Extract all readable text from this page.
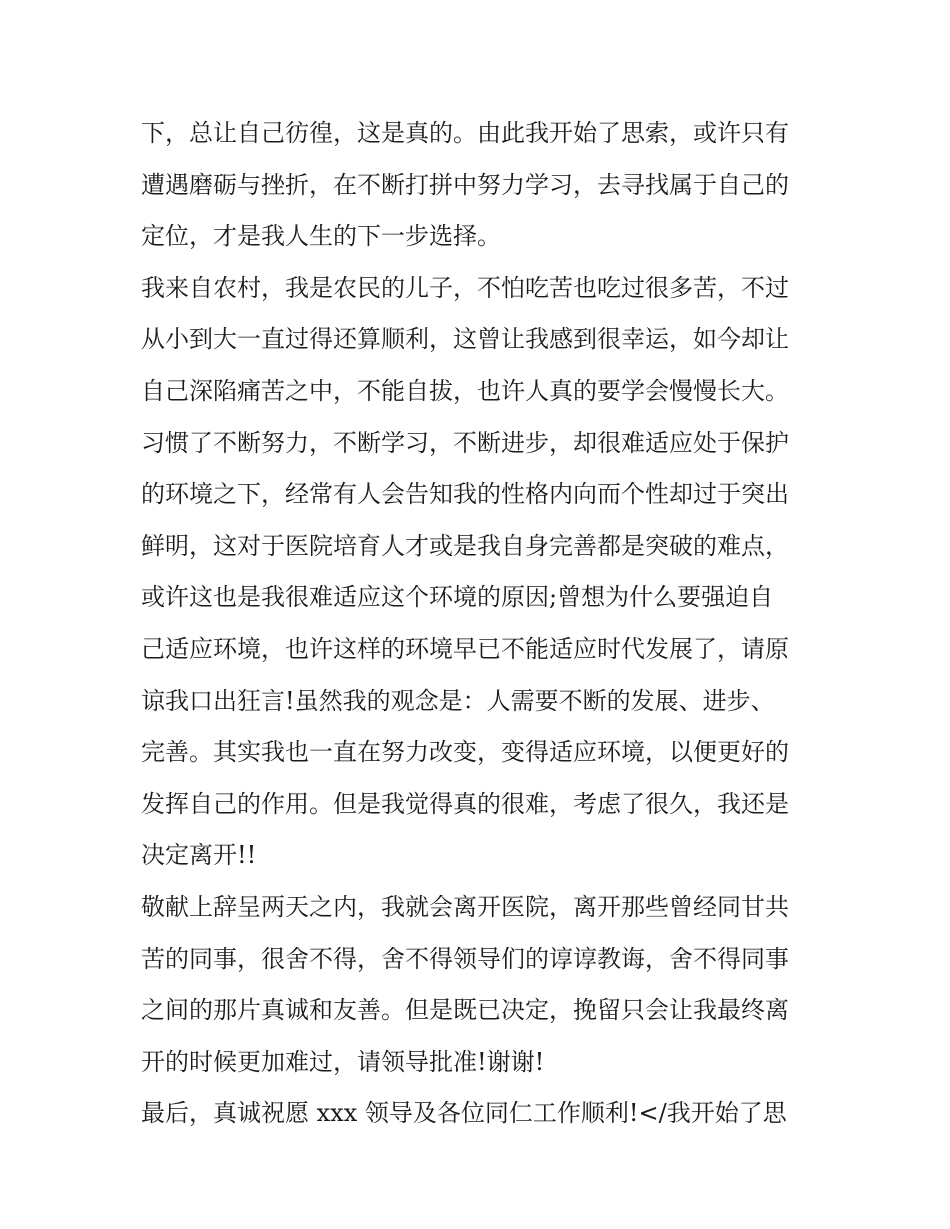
下，总让自己彷徨，这是真的。由此我开始了思索，或许只有
遭遇磨砺与挫折，在不断打拼中努力学习，去寻找属于自己的
定位，才是我人生的下一步选择。
我来自农村，我是农民的儿子，不怕吃苦也吃过很多苦，不过
从小到大一直过得还算顺利，这曾让我感到很幸运，如今却让
自己深陷痛苦之中，不能自拔，也许人真的要学会慢慢长大。
习惯了不断努力，不断学习，不断进步，却很难适应处于保护
的环境之下，经常有人会告知我的性格内向而个性却过于突出
鲜明，这对于医院培育人才或是我自身完善都是突破的难点，
或许这也是我很难适应这个环境的原因;曾想为什么要强迫自
己适应环境，也许这样的环境早已不能适应时代发展了，请原
谅我口出狂言!虽然我的观念是：人需要不断的发展、进步、
完善。其实我也一直在努力改变，变得适应环境，以便更好的
发挥自己的作用。但是我觉得真的很难，考虑了很久，我还是
决定离开!!
敬献上辞呈两天之内，我就会离开医院，离开那些曾经同甘共
苦的同事，很舍不得，舍不得领导们的谆谆教诲，舍不得同事
之间的那片真诚和友善。但是既已决定，挽留只会让我最终离
开的时候更加难过，请领导批准!谢谢!
最后，真诚祝愿 xxx 领导及各位同仁工作顺利!</我开始了思
